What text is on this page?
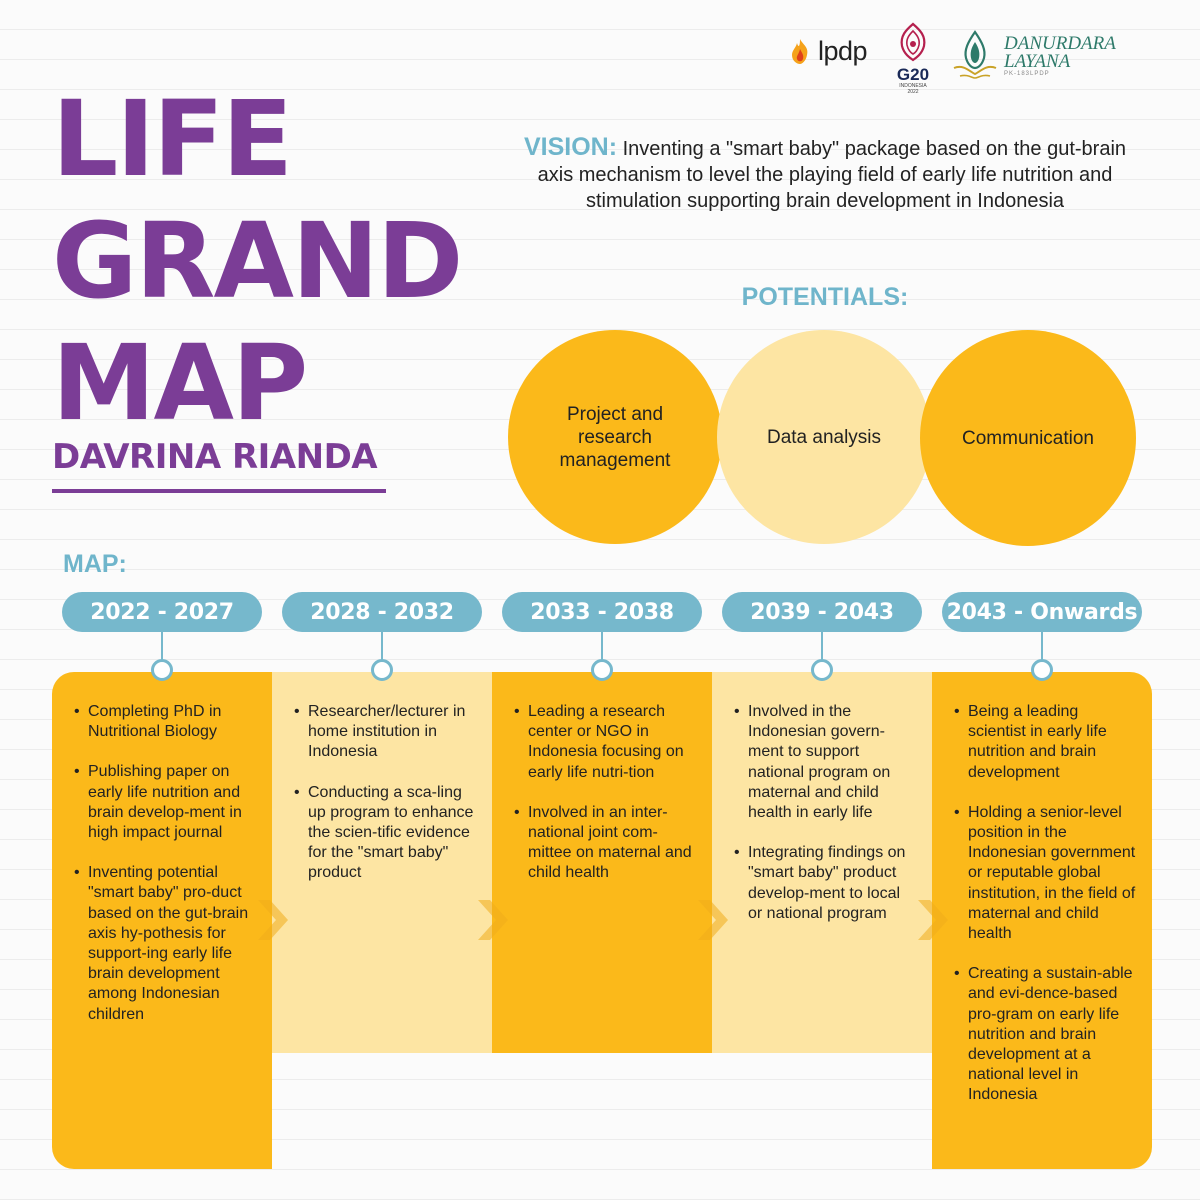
lpdp
G20
INDONESIA
2022
DANURDARA
LAYANA
PK-183LPDP
LIFE
GRAND
MAP
DAVRINA RIANDA
VISION: Inventing a "smart baby" package based on the gut-brain axis mechanism to level the playing field of early life nutrition and stimulation supporting brain development in Indonesia
POTENTIALS:
Project and research management
Data analysis	Communication
MAP:
2022 - 2027	2028 - 2032	2033 - 2038	2039 - 2043	2043 - Onwards
• Completing PhD in Nutritional Biology
• Publishing paper on early life nutrition and brain develop-ment in high impact journal
• Inventing potential "smart baby" pro-duct based on the gut-brain axis hy-pothesis for support-ing early life brain development among Indonesian children
• Researcher/lecturer in home institution in Indonesia
• Conducting a sca-ling up program to enhance the scien-tific evidence for the "smart baby" product
• Leading a research center or NGO in Indonesia focusing on early life nutri-tion
• Involved in an inter-national joint com-mittee on maternal and child health
• Involved in the Indonesian govern-ment to support national program on maternal and child health in early life
• Integrating findings on "smart baby" product develop-ment to local or national program
• Being a leading scientist in early life nutrition and brain development
• Holding a senior-level position in the Indonesian government or reputable global institution, in the field of maternal and child health
• Creating a sustain-able and evi-dence-based pro-gram on early life nutrition and brain development at a national level in Indonesia
